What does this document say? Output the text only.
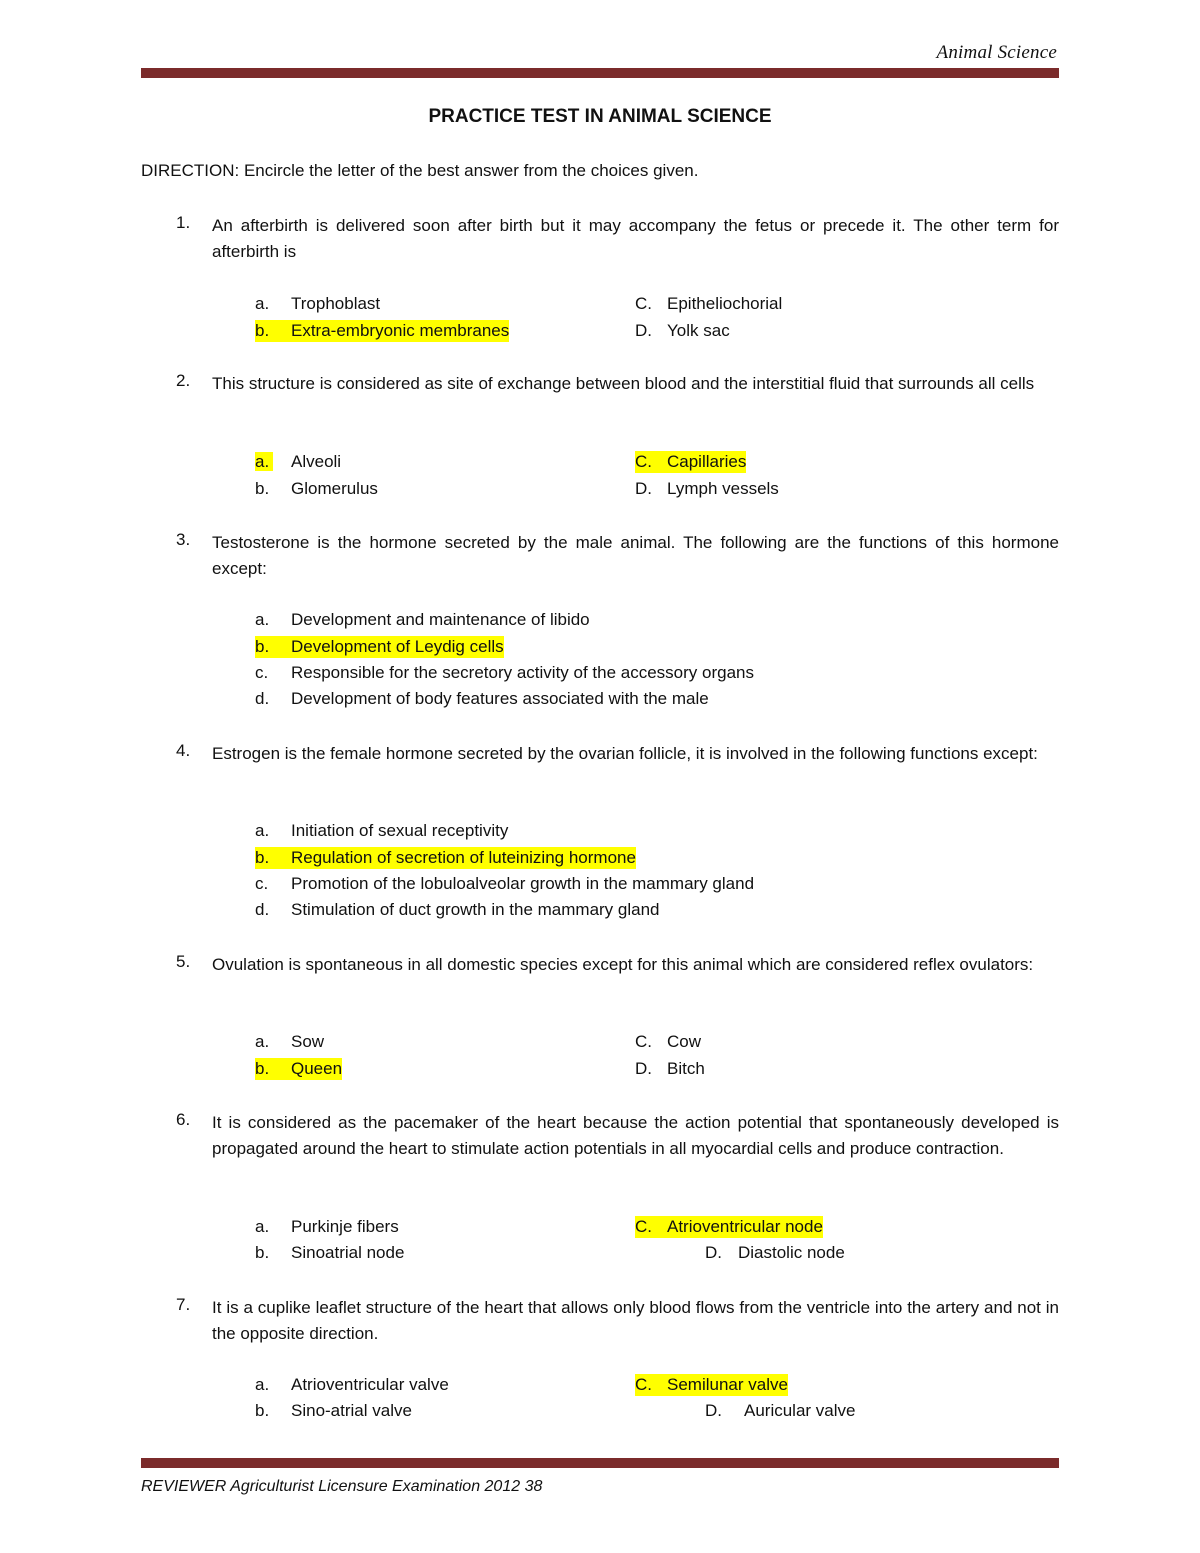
Animal Science
PRACTICE TEST IN ANIMAL SCIENCE
DIRECTION: Encircle the letter of the best answer from the choices given.
1. An afterbirth is delivered soon after birth but it may accompany the fetus or precede it. The other term for afterbirth is
a. Trophoblast	C. Epitheliochorial
b. Extra-embryonic membranes	D. Yolk sac
2. This structure is considered as site of exchange between blood and the interstitial fluid that surrounds all cells
a. Alveoli	C. Capillaries
b. Glomerulus	D. Lymph vessels
3. Testosterone is the hormone secreted by the male animal. The following are the functions of this hormone except:
a. Development and maintenance of libido
b. Development of Leydig cells
c. Responsible for the secretory activity of the accessory organs
d. Development of body features associated with the male
4. Estrogen is the female hormone secreted by the ovarian follicle, it is involved in the following functions except:
a. Initiation of sexual receptivity
b. Regulation of secretion of luteinizing hormone
c. Promotion of the lobuloalveolar growth in the mammary gland
d. Stimulation of duct growth in the mammary gland
5. Ovulation is spontaneous in all domestic species except for this animal which are considered reflex ovulators:
a. Sow	C. Cow
b. Queen	D. Bitch
6. It is considered as the pacemaker of the heart because the action potential that spontaneously developed is propagated around the heart to stimulate action potentials in all myocardial cells and produce contraction.
a. Purkinje fibers	C. Atrioventricular node
b. Sinoatrial node	D. Diastolic node
7. It is a cuplike leaflet structure of the heart that allows only blood flows from the ventricle into the artery and not in the opposite direction.
a. Atrioventricular valve	C. Semilunar valve
b. Sino-atrial valve	D. Auricular valve
REVIEWER Agriculturist Licensure Examination 2012 38
